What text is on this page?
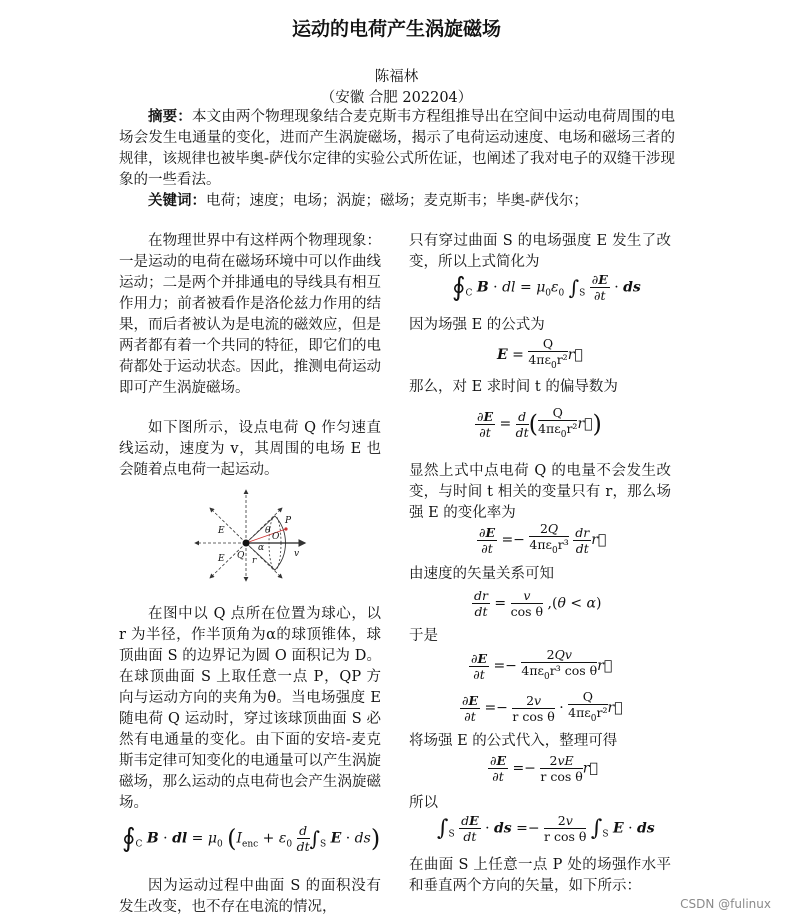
运动的电荷产生涡旋磁场
陈福林
（安徽 合肥 202204）
摘要：本文由两个物理现象结合麦克斯韦方程组推导出在空间中运动电荷周围的电场会发生电通量的变化，进而产生涡旋磁场，揭示了电荷运动速度、电场和磁场三者的规律，该规律也被毕奥-萨伐尔定律的实验公式所佐证，也阐述了我对电子的双缝干涉现象的一些看法。
关键词：电荷；速度；电场；涡旋；磁场；麦克斯韦；毕奥-萨伐尔；
在物理世界中有这样两个物理现象：一是运动的电荷在磁场环境中可以作曲线运动；二是两个并排通电的导线具有相互作用力；前者被看作是洛伦兹力作用的结果，而后者被认为是电流的磁效应，但是两者都有着一个共同的特征，即它们的电荷都处于运动状态。因此，推测电荷运动即可产生涡旋磁场。
如下图所示，设点电荷 Q 作匀速直线运动，速度为 v，其周围的电场 E 也会随着点电荷一起运动。
E
E Q
α
r
θ
P
O
v
在图中以 Q 点所在位置为球心，以 r 为半径，作半顶角为α的球顶锥体，球顶曲面 S 的边界记为圆 O 面积记为 D。在球顶曲面 S 上取任意一点 P，QP 方向与运动方向的夹角为θ。当电场强度 E 随电荷 Q 运动时，穿过该球顶曲面 S 必然有电通量的变化。由下面的安培-麦克斯韦定律可知变化的电通量可以产生涡旋磁场，那么运动的点电荷也会产生涡旋磁场。
$∮_C$ B · dl = $\mu_0$ ($I_{enc} + \varepsilon_0 \frac{d}{dt} \int_S$ E · ds)
因为运动过程中曲面 S 的面积没有发生改变，也不存在电流的情况，
只有穿过曲面 S 的电场强度 E 发生了改变，所以上式简化为
$∮_C$ B · dl = $\mu_0\varepsilon_0$ $\int_S \frac{\partial E}{\partial t}$ · ds
因为场强 E 的公式为
$E = \frac{Q}{4\pi\varepsilon_0r^2}$ r⃗
那么，对 E 求时间 t 的偏导数为
$\frac{\partial E}{\partial t} = \frac{d}{dt}$ ( $\frac{Q}{4\pi\varepsilon_0r^2}$ r⃗)
显然上式中点电荷 Q 的电量不会发生改变，与时间 t 相关的变量只有 r，那么场强 E 的变化率为
$\frac{\partial E}{\partial t} =- \frac{2Q}{4\pi\varepsilon_0r^3}$
$\frac{dr}{dt}$ r⃗
由速度的矢量关系可知
$\frac{dr}{dt} = \frac{v}{\text{cos θ}} ,(\theta < \alpha)$
于是
$\frac{\partial E}{\partial t} =- \frac{2Qv}{4\pi\varepsilon_0r^3 \cos \theta}$ r⃗
$\frac{\partial E}{\partial t} =- \frac{2v}{\text{r cos θ}} \cdot \frac{Q}{4\pi\varepsilon_0r^2}$ r⃗
将场强 E 的公式代入，整理可得
$\frac{\partial E}{\partial t} =- \frac{2vE}{\text{r cos θ}}$ r⃗
所以
$\int_S \frac{dE}{dt}$ · ds =− $\frac{2v}{\text{r cos θ}} \int_S$ E · ds
在曲面 S 上任意一点 P 处的场强作水平和垂直两个方向的矢量，如下所示：
CSDN @fulinux
